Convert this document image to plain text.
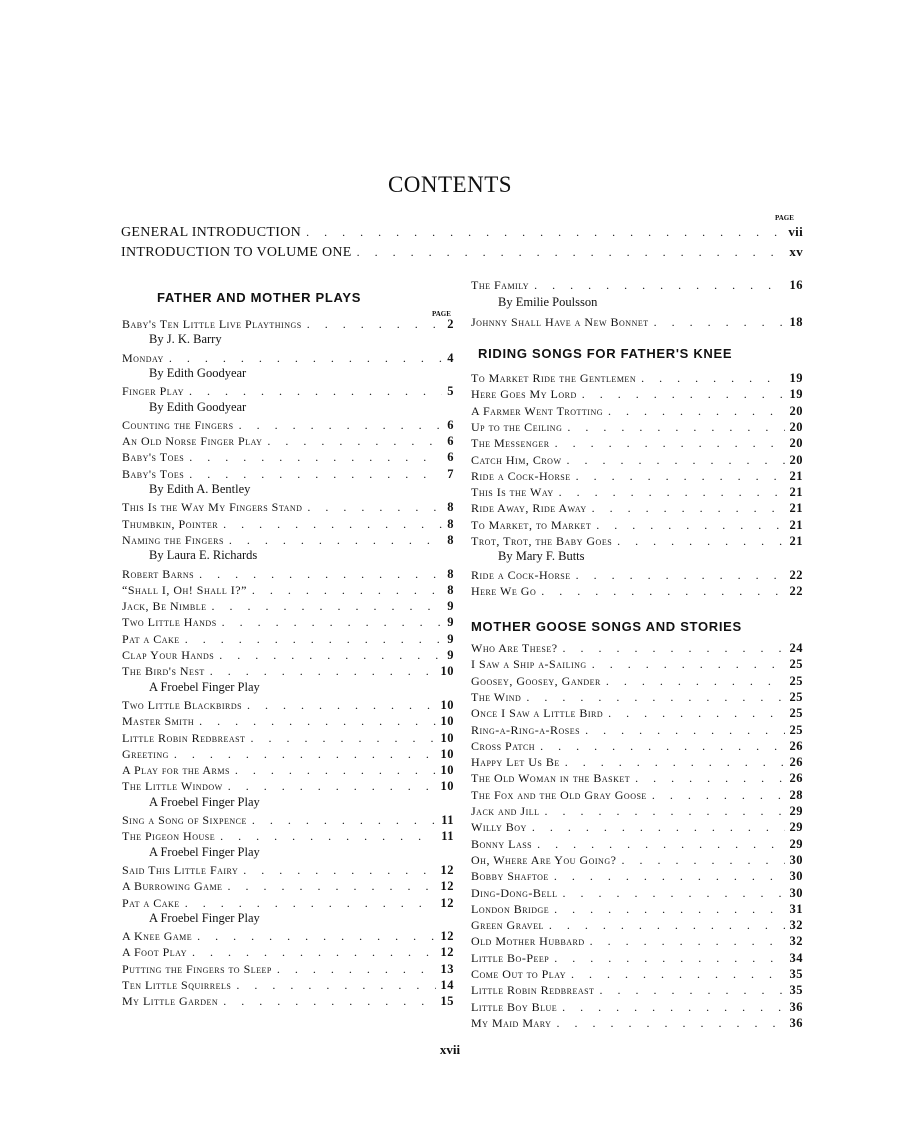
CONTENTS
PAGE
GENERAL INTRODUCTION . . .	vii
INTRODUCTION TO VOLUME ONE . . .	xv
FATHER AND MOTHER PLAYS
PAGE
Baby's Ten Little Live Playthings . . .	2
By J. K. Barry
Monday . . .	4
By Edith Goodyear
Finger Play . . .	5
By Edith Goodyear
Counting the Fingers . . .	6
An Old Norse Finger Play . . .	6
Baby's Toes . . .	6
Baby's Toes . . .	7
By Edith A. Bentley
This Is the Way My Fingers Stand . . .	8
Thumbkin, Pointer . . .	8
Naming the Fingers . . .	8
By Laura E. Richards
Robert Barns . . .	8
“Shall I, Oh! Shall I?” . . .	8
Jack, Be Nimble . . .	9
Two Little Hands . . .	9
Pat a Cake . . .	9
Clap Your Hands . . .	9
The Bird's Nest . . .	10
A Froebel Finger Play
Two Little Blackbirds . . .	10
Master Smith . . .	10
Little Robin Redbreast . . .	10
Greeting . . .	10
A Play for the Arms . . .	10
The Little Window . . .	10
A Froebel Finger Play
Sing a Song of Sixpence . . .	11
The Pigeon House . . .	11
A Froebel Finger Play
Said This Little Fairy . . .	12
A Burrowing Game . . .	12
Pat a Cake . . .	12
A Froebel Finger Play
A Knee Game . . .	12
A Foot Play . . .	12
Putting the Fingers to Sleep . . .	13
Ten Little Squirrels . . .	14
My Little Garden . . .	15
The Family . . .	16
By Emilie Poulsson
Johnny Shall Have a New Bonnet . . .	18
RIDING SONGS FOR FATHER'S KNEE
To Market Ride the Gentlemen . . .	19
Here Goes My Lord . . .	19
A Farmer Went Trotting . . .	20
Up to the Ceiling . . .	20
The Messenger . . .	20
Catch Him, Crow . . .	20
Ride a Cock-Horse . . .	21
This Is the Way . . .	21
Ride Away, Ride Away . . .	21
To Market, to Market . . .	21
Trot, Trot, the Baby Goes . . .	21
By Mary F. Butts
Ride a Cock-Horse . . .	22
Here We Go . . .	22
MOTHER GOOSE SONGS AND STORIES
Who Are These? . . .	24
I Saw a Ship a-Sailing . . .	25
Goosey, Goosey, Gander . . .	25
The Wind . . .	25
Once I Saw a Little Bird . . .	25
Ring-a-Ring-a-Roses . . .	25
Cross Patch . . .	26
Happy Let Us Be . . .	26
The Old Woman in the Basket . . .	26
The Fox and the Old Gray Goose . . .	28
Jack and Jill . . .	29
Willy Boy . . .	29
Bonny Lass . . .	29
Oh, Where Are You Going? . . .	30
Bobby Shaftoe . . .	30
Ding-Dong-Bell . . .	30
London Bridge . . .	31
Green Gravel . . .	32
Old Mother Hubbard . . .	32
Little Bo-Peep . . .	34
Come Out to Play . . .	35
Little Robin Redbreast . . .	35
Little Boy Blue . . .	36
My Maid Mary . . .	36
xvii
